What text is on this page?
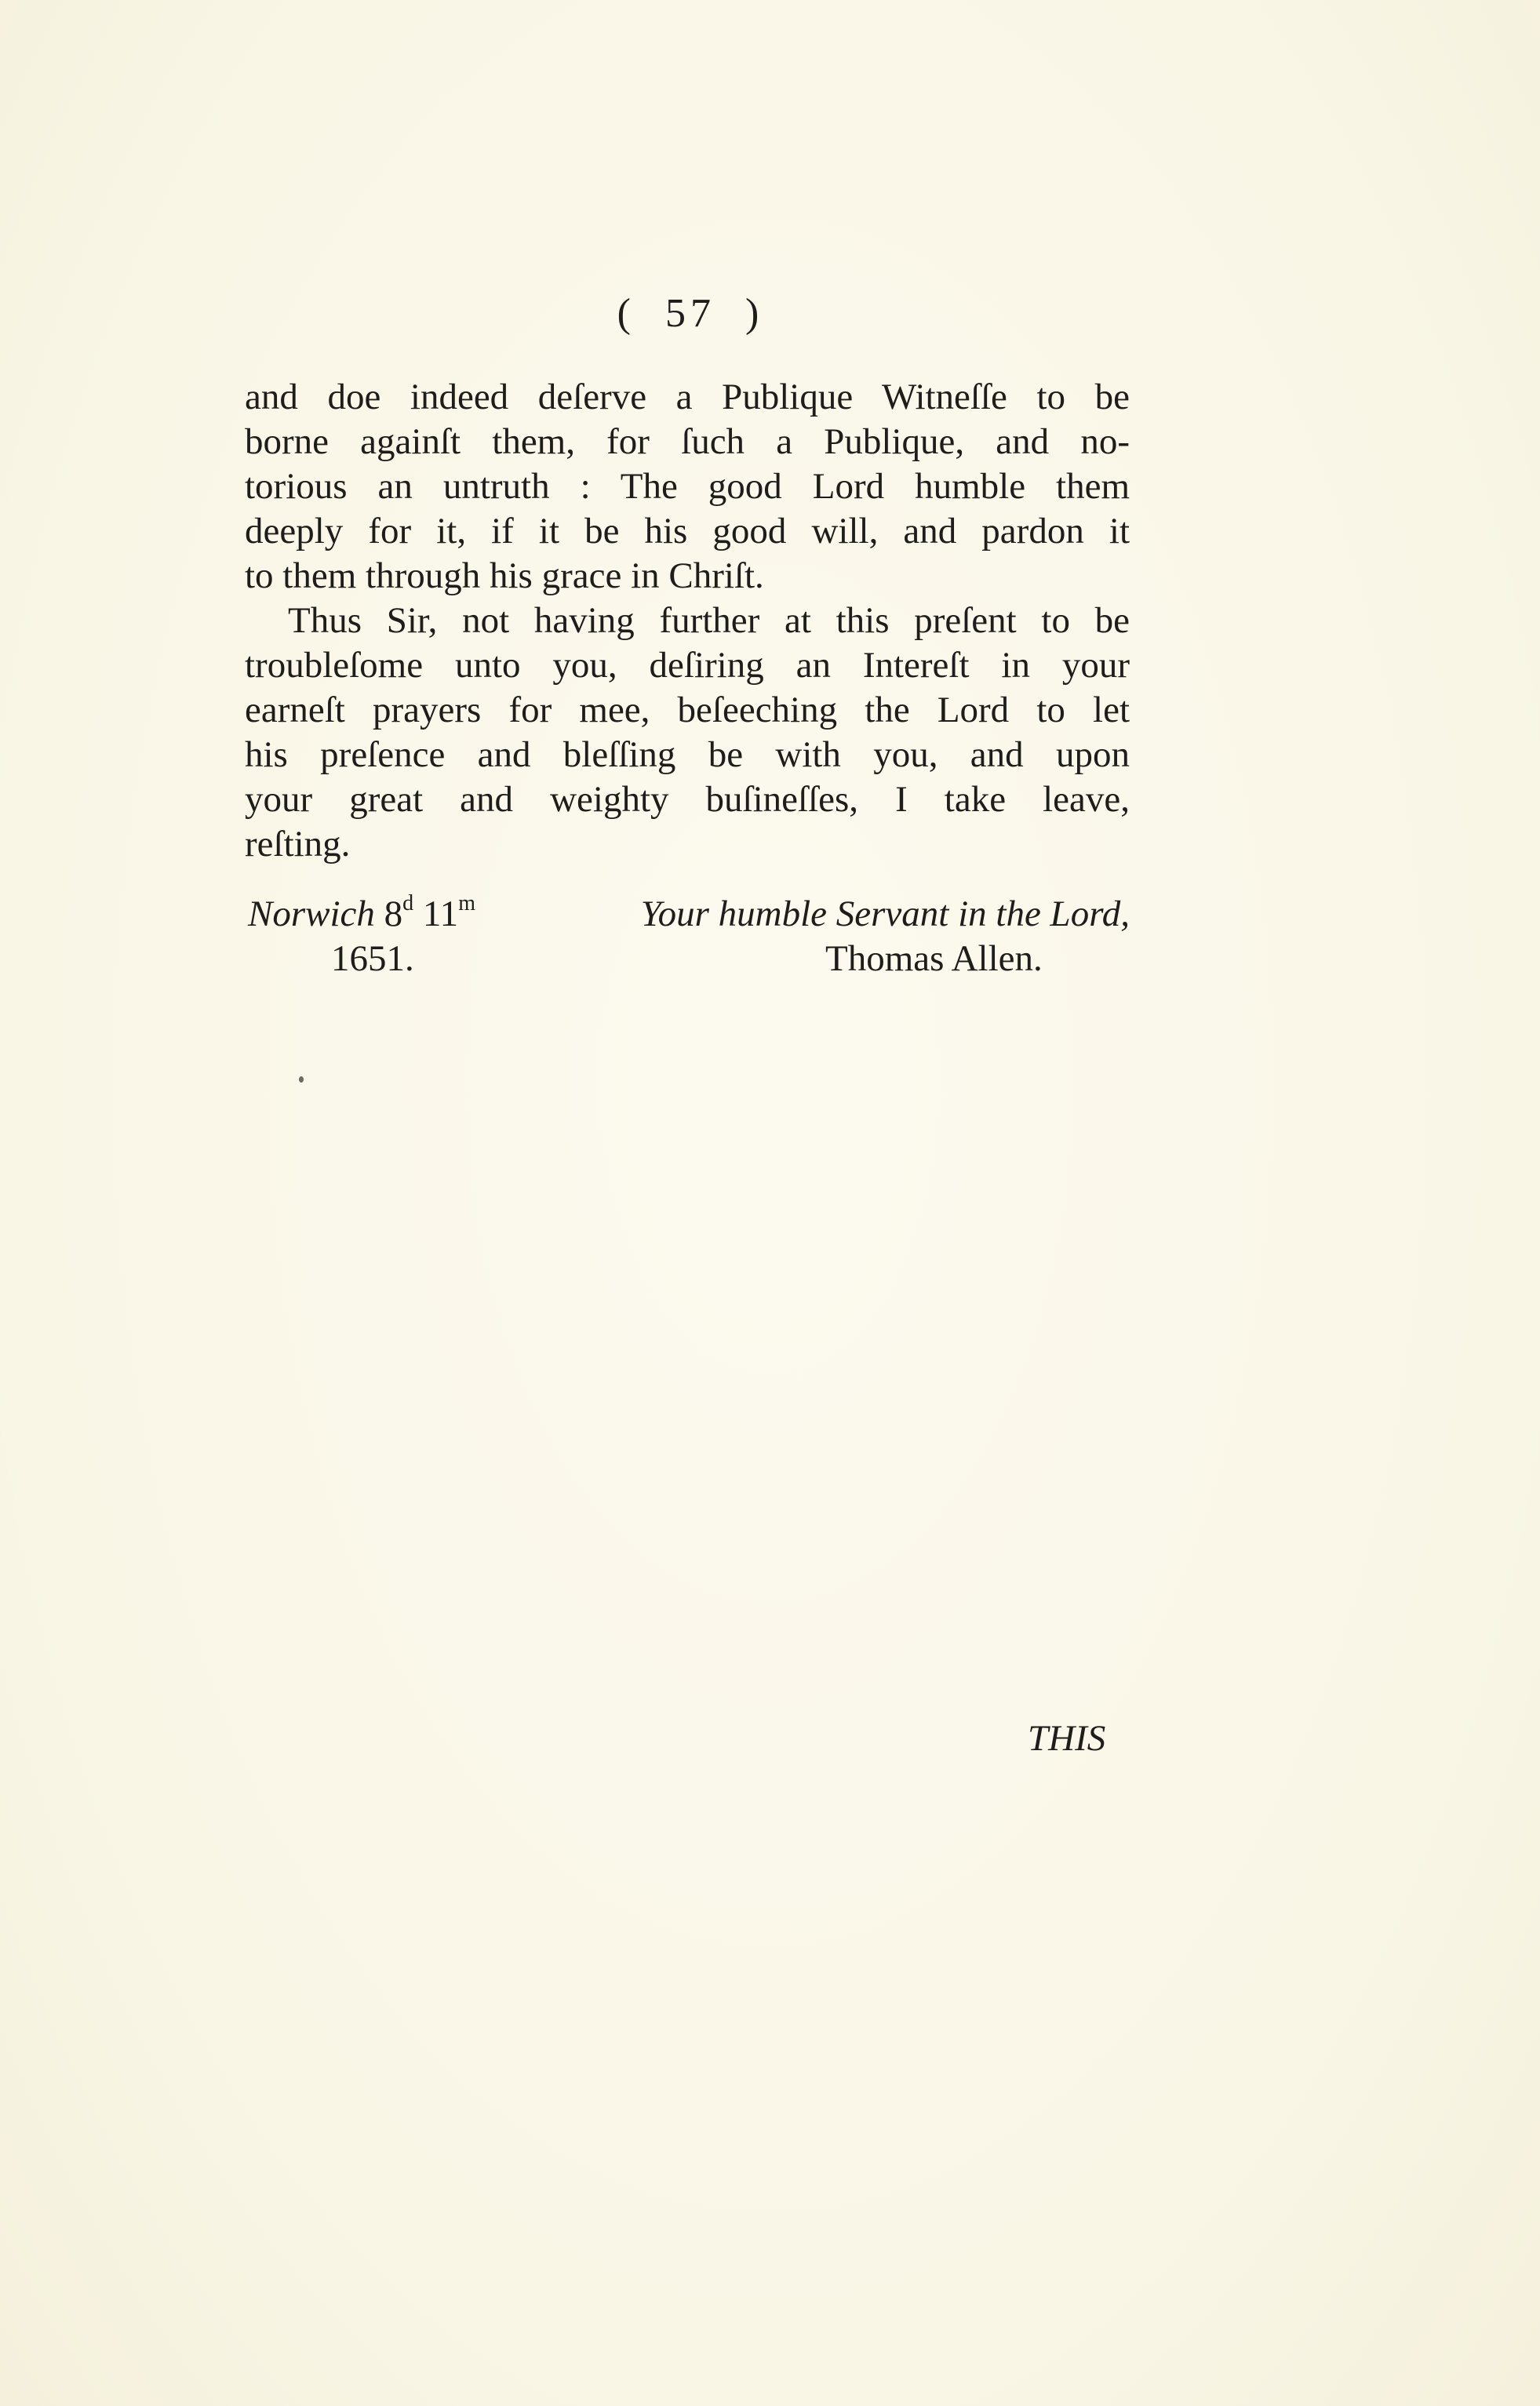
( 57 )
and doe indeed deſerve a Publique Witneſſe to be
borne againſt them, for ſuch a Publique, and no-
torious an untruth : The good Lord humble them
deeply for it, if it be his good will, and pardon it
to them through his grace in Chriſt.
Thus Sir, not having further at this preſent to be
troubleſome unto you, deſiring an Intereſt in your
earneſt prayers for mee, beſeeching the Lord to let
his preſence and bleſſing be with you, and upon
your great and weighty buſineſſes, I take leave,
reſting.
Norwich 8$^d$ 11$^m$
1651.
Your humble Servant in the Lord,
Thomas Allen.
THIS
